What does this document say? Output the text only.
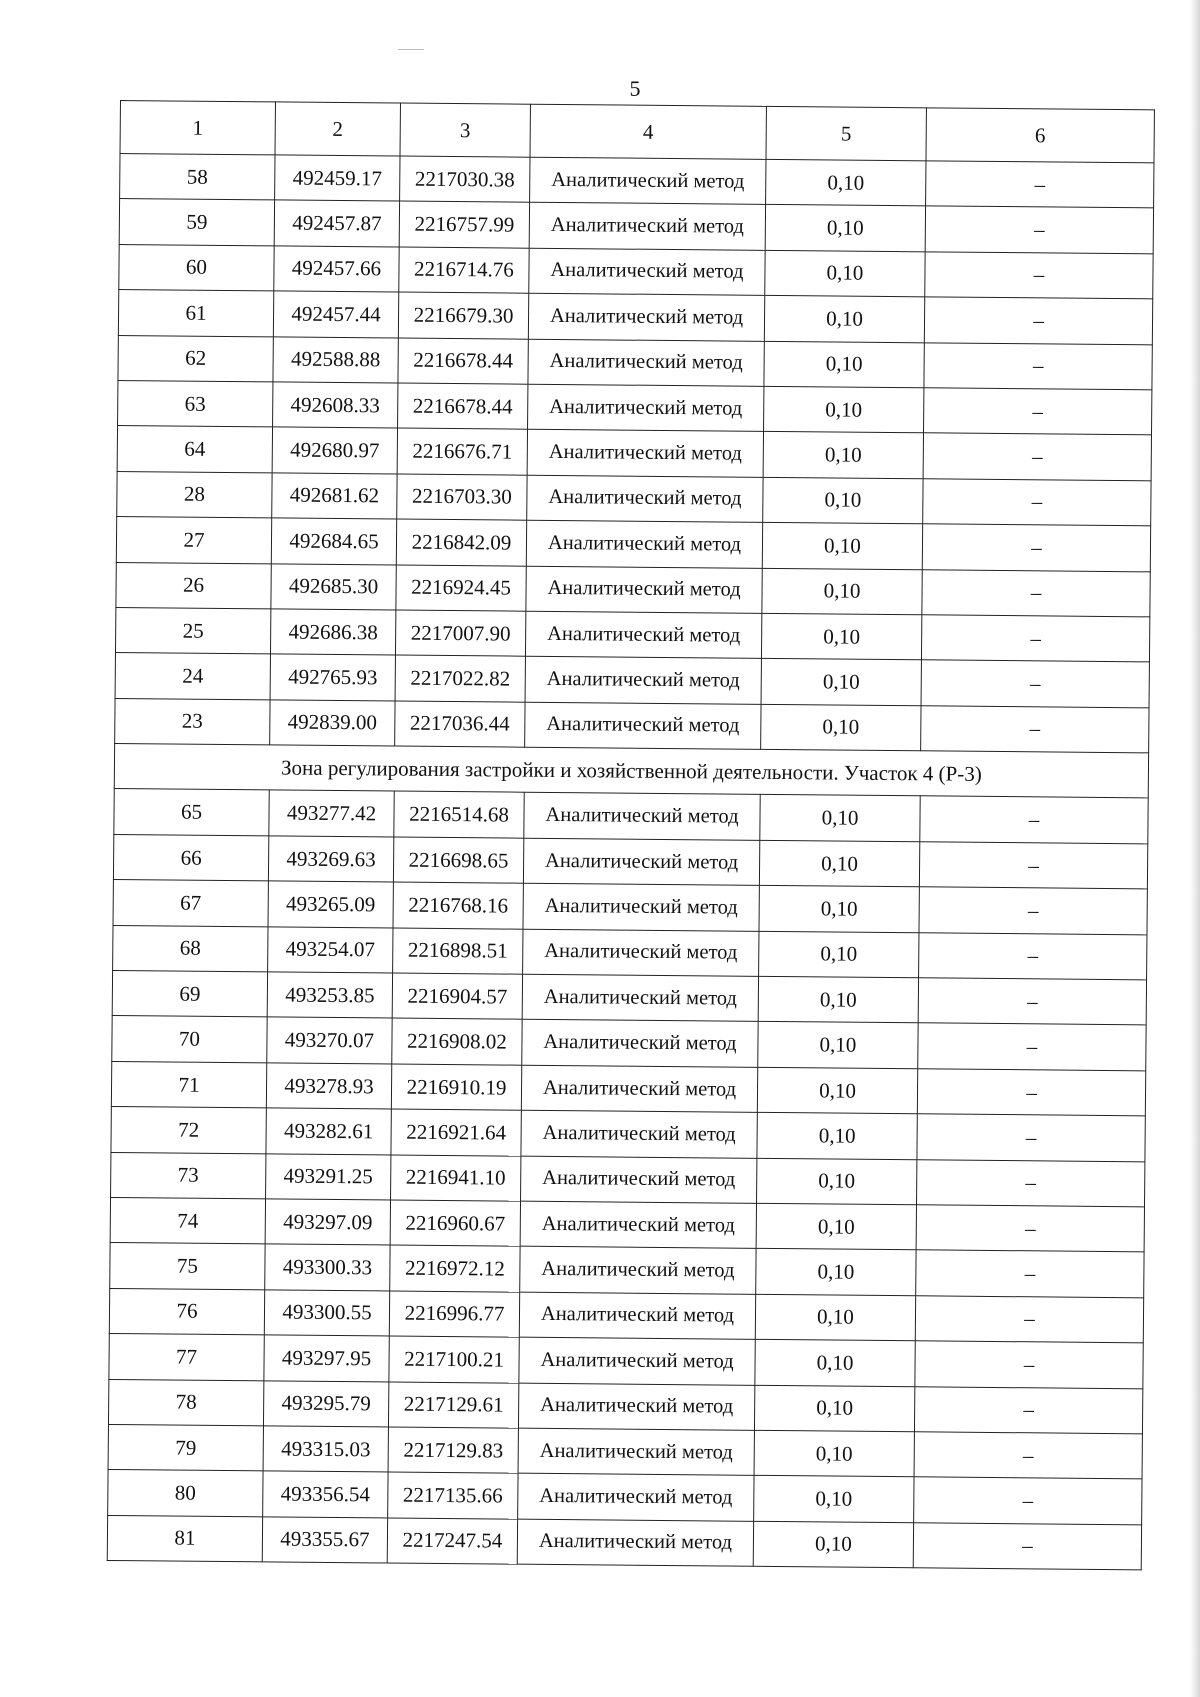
5
1	2	3	4	5	6
58	492459.17	2217030.38	Аналитический метод	0,10	–
59	492457.87	2216757.99	Аналитический метод	0,10	–
60	492457.66	2216714.76	Аналитический метод	0,10	–
61	492457.44	2216679.30	Аналитический метод	0,10	–
62	492588.88	2216678.44	Аналитический метод	0,10	–
63	492608.33	2216678.44	Аналитический метод	0,10	–
64	492680.97	2216676.71	Аналитический метод	0,10	–
28	492681.62	2216703.30	Аналитический метод	0,10	–
27	492684.65	2216842.09	Аналитический метод	0,10	–
26	492685.30	2216924.45	Аналитический метод	0,10	–
25	492686.38	2217007.90	Аналитический метод	0,10	–
24	492765.93	2217022.82	Аналитический метод	0,10	–
23	492839.00	2217036.44	Аналитический метод	0,10	–
Зона регулирования застройки и хозяйственной деятельности. Участок 4 (Р-3)					
65	493277.42	2216514.68	Аналитический метод	0,10	–
66	493269.63	2216698.65	Аналитический метод	0,10	–
67	493265.09	2216768.16	Аналитический метод	0,10	–
68	493254.07	2216898.51	Аналитический метод	0,10	–
69	493253.85	2216904.57	Аналитический метод	0,10	–
70	493270.07	2216908.02	Аналитический метод	0,10	–
71	493278.93	2216910.19	Аналитический метод	0,10	–
72	493282.61	2216921.64	Аналитический метод	0,10	–
73	493291.25	2216941.10	Аналитический метод	0,10	–
74	493297.09	2216960.67	Аналитический метод	0,10	–
75	493300.33	2216972.12	Аналитический метод	0,10	–
76	493300.55	2216996.77	Аналитический метод	0,10	–
77	493297.95	2217100.21	Аналитический метод	0,10	–
78	493295.79	2217129.61	Аналитический метод	0,10	–
79	493315.03	2217129.83	Аналитический метод	0,10	–
80	493356.54	2217135.66	Аналитический метод	0,10	–
81	493355.67	2217247.54	Аналитический метод	0,10	–
